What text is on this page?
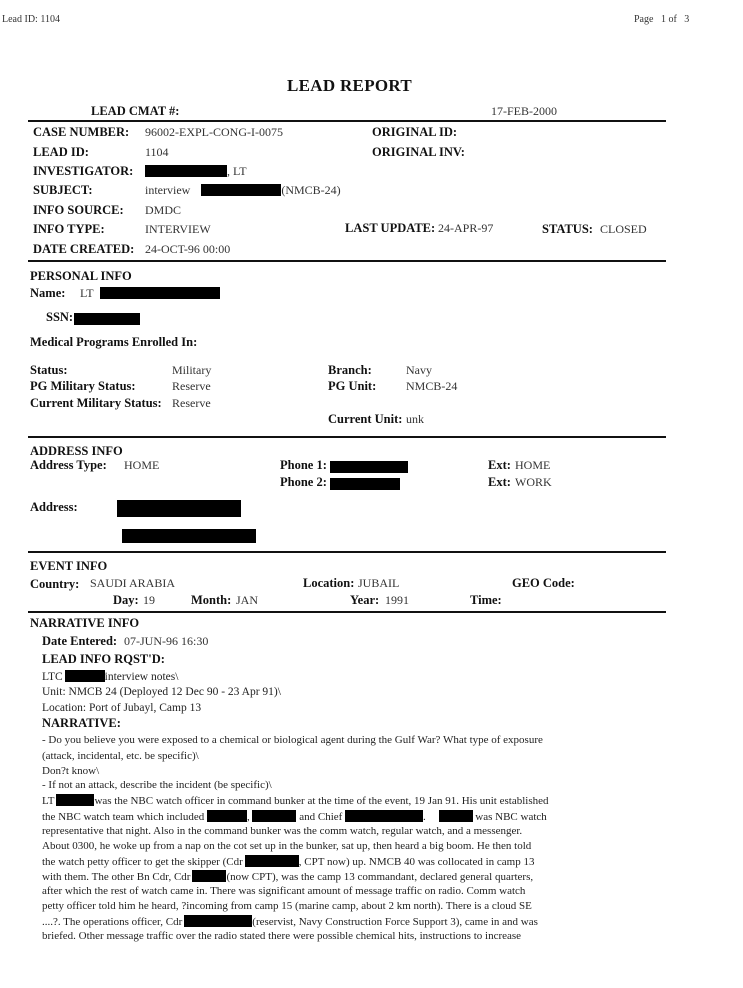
Lead ID: 1104	Page 1 of 3
LEAD REPORT
LEAD CMAT #:	17-FEB-2000
CASE NUMBER: 96002-EXPL-CONG-I-0075	ORIGINAL ID:
LEAD ID:	1104	ORIGINAL INV:
INVESTIGATOR:	, LT
SUBJECT:	interview	(NMCB-24)
INFO SOURCE: DMDC
INFO TYPE:	INTERVIEW	LAST UPDATE: 24-APR-97	STATUS: CLOSED
DATE CREATED: 24-OCT-96 00:00
PERSONAL INFO
Name: LT
SSN:
Medical Programs Enrolled In:
Status:	Military	Branch:	Navy
PG Military Status:	Reserve	PG Unit: NMCB-24
Current Military Status: Reserve
Current Unit: unk
ADDRESS INFO
Address Type: HOME	Phone 1:	Ext: HOME
Phone 2:	Ext: WORK
Address:
EVENT INFO
Country: SAUDI ARABIA	Location: JUBAIL	GEO Code:
Day: 19	Month: JAN	Year: 1991	Time:
NARRATIVE INFO
Date Entered: 07-JUN-96 16:30
LEAD INFO RQST'D:
LTC	interview notes\
Unit: NMCB 24 (Deployed 12 Dec 90 - 23 Apr 91)\
Location: Port of Jubayl, Camp 13
NARRATIVE:
- Do you believe you were exposed to a chemical or biological agent during the Gulf War? What type of exposure
(attack, incidental, etc. be specific)\
Don?t know\
- If not an attack, describe the incident (be specific)\
LT	was the NBC watch officer in command bunker at the time of the event, 19 Jan 91. His unit established
the NBC watch team which included	,	and Chief	.	was NBC watch
representative that night. Also in the command bunker was the comm watch, regular watch, and a messenger.
About 0300, he woke up from a nap on the cot set up in the bunker, sat up, then heard a big boom. He then told
the watch petty officer to get the skipper (Cdr	, CPT now) up. NMCB 40 was collocated in camp 13
with them. The other Bn Cdr, Cdr	(now CPT), was the camp 13 commandant, declared general quarters,
after which the rest of watch came in. There was significant amount of message traffic on radio. Comm watch
petty officer told him he heard, ?incoming from camp 15 (marine camp, about 2 km north). There is a cloud SE
....?. The operations officer, Cdr	(reservist, Navy Construction Force Support 3), came in and was
briefed. Other message traffic over the radio stated there were possible chemical hits, instructions to increase
